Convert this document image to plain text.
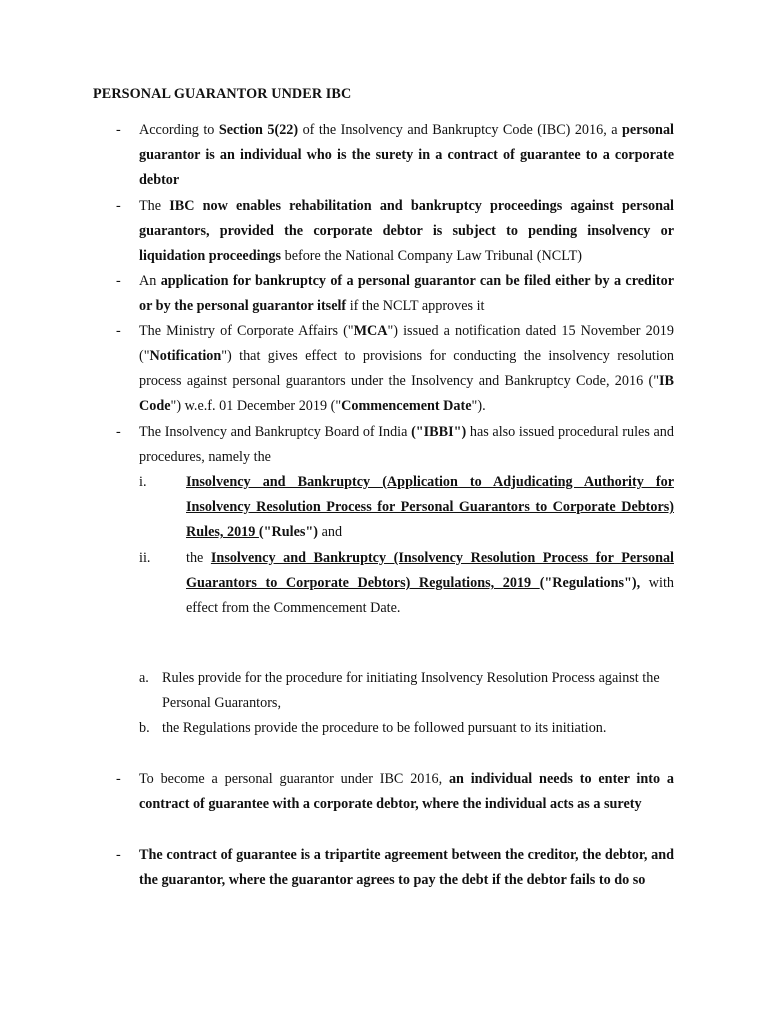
PERSONAL GUARANTOR UNDER IBC
-	According to Section 5(22) of the Insolvency and Bankruptcy Code (IBC) 2016, a personal guarantor is an individual who is the surety in a contract of guarantee to a corporate debtor
-	The IBC now enables rehabilitation and bankruptcy proceedings against personal guarantors, provided the corporate debtor is subject to pending insolvency or liquidation proceedings before the National Company Law Tribunal (NCLT)
-	An application for bankruptcy of a personal guarantor can be filed either by a creditor or by the personal guarantor itself if the NCLT approves it
-	The Ministry of Corporate Affairs ("MCA") issued a notification dated 15 November 2019 ("Notification") that gives effect to provisions for conducting the insolvency resolution process against personal guarantors under the Insolvency and Bankruptcy Code, 2016 ("IB Code") w.e.f. 01 December 2019 ("Commencement Date").
-	The Insolvency and Bankruptcy Board of India ("IBBI") has also issued procedural rules and procedures, namely the
i.	Insolvency and Bankruptcy (Application to Adjudicating Authority for Insolvency Resolution Process for Personal Guarantors to Corporate Debtors) Rules, 2019 ("Rules") and
ii.	the Insolvency and Bankruptcy (Insolvency Resolution Process for Personal Guarantors to Corporate Debtors) Regulations, 2019 ("Regulations"), with effect from the Commencement Date.
a. Rules provide for the procedure for initiating Insolvency Resolution Process against the Personal Guarantors,
b. the Regulations provide the procedure to be followed pursuant to its initiation.
-	To become a personal guarantor under IBC 2016, an individual needs to enter into a contract of guarantee with a corporate debtor, where the individual acts as a surety
-	The contract of guarantee is a tripartite agreement between the creditor, the debtor, and the guarantor, where the guarantor agrees to pay the debt if the debtor fails to do so
